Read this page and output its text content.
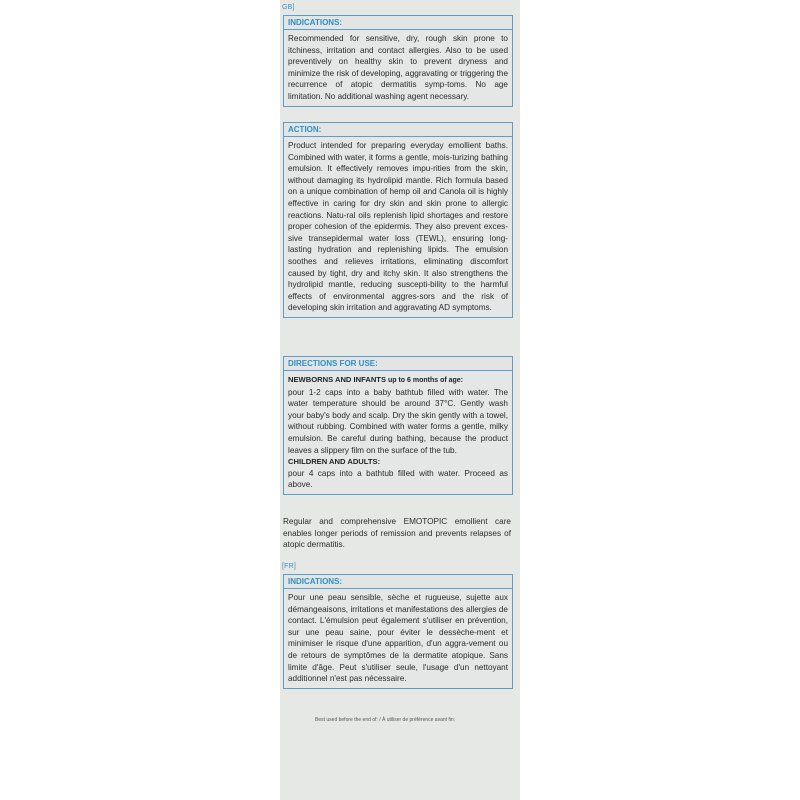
GB]
INDICATIONS:
Recommended for sensitive, dry, rough skin prone to itchiness, irritation and contact allergies. Also to be used preventively on healthy skin to prevent dryness and minimize the risk of developing, aggravating or triggering the recurrence of atopic dermatitis symp-toms. No age limitation. No additional washing agent necessary.
ACTION:
Product intended for preparing everyday emollient baths. Combined with water, it forms a gentle, mois-turizing bathing emulsion. It effectively removes impu-rities from the skin, without damaging its hydrolipid mantle. Rich formula based on a unique combination of hemp oil and Canola oil is highly effective in caring for dry skin and skin prone to allergic reactions. Natu-ral oils replenish lipid shortages and restore proper cohesion of the epidermis. They also prevent exces-sive transepidermal water loss (TEWL), ensuring long-lasting hydration and replenishing lipids. The emulsion soothes and relieves irritations, eliminating discomfort caused by tight, dry and itchy skin. It also strengthens the hydrolipid mantle, reducing suscepti-bility to the harmful effects of environmental aggres-sors and the risk of developing skin irritation and aggravating AD symptoms.
DIRECTIONS FOR USE:
NEWBORNS AND INFANTS up to 6 months of age:
pour 1-2 caps into a baby bathtub filled with water. The water temperature should be around 37°C. Gently wash your baby's body and scalp. Dry the skin gently with a towel, without rubbing. Combined with water forms a gentle, milky emulsion. Be careful during bathing, because the product leaves a slippery film on the surface of the tub.
CHILDREN AND ADULTS:
pour 4 caps into a bathtub filled with water. Proceed as above.
Regular and comprehensive EMOTOPIC emollient care enables longer periods of remission and prevents relapses of atopic dermatitis.
[FR]
INDICATIONS:
Pour une peau sensible, sèche et rugueuse, sujette aux démangeaisons, irritations et manifestations des allergies de contact. L'émulsion peut également s'utiliser en prévention, sur une peau saine, pour éviter le dessèche-ment et minimiser le risque d'une apparition, d'un aggra-vement ou de retours de symptômes de la dermatite atopique. Sans limite d'âge. Peut s'utiliser seule, l'usage d'un nettoyant additionnel n'est pas nécessaire.
Best used before the end of: / À utiliser de préférence avant fin:
